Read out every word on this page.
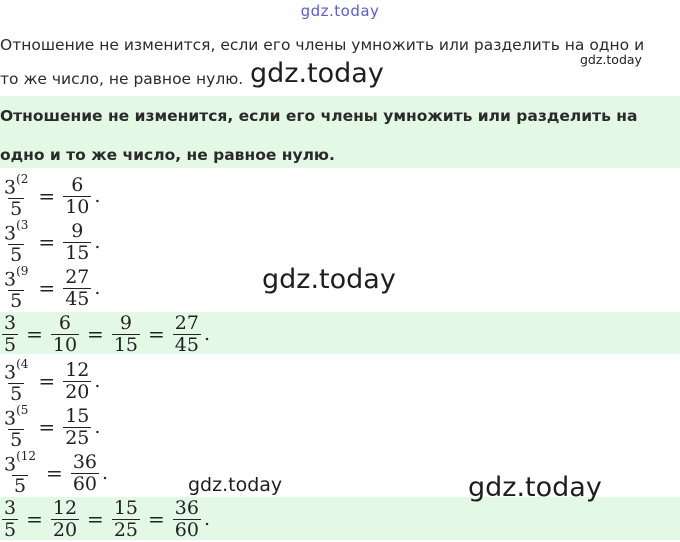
gdz.today
Отношение не изменится, если его члены умножить или разделить на одно и
то же число, не равное нулю. gdz.today	gdz.today
Отношение не изменится, если его члены умножить или разделить на
одно и то же число, не равное нулю.
$\frac{3^{(2}}{5} = \frac{6}{10}$ .
$\frac{3^{(3}}{5} = \frac{9}{15}$ .
$\frac{3^{(9}}{5} = \frac{27}{45}$ .
$\frac{3}{5} = \frac{6}{10} = \frac{9}{15} = \frac{27}{45}$ .
$\frac{3^{(4}}{5} = \frac{12}{20}$ .
$\frac{3^{(5}}{5} = \frac{15}{25}$ .
$\frac{3^{(12}}{5} = \frac{36}{60}$ .
$\frac{3}{5} = \frac{12}{20} = \frac{15}{25} = \frac{36}{60}$ .
gdz.today
gdz.today	gdz.today
